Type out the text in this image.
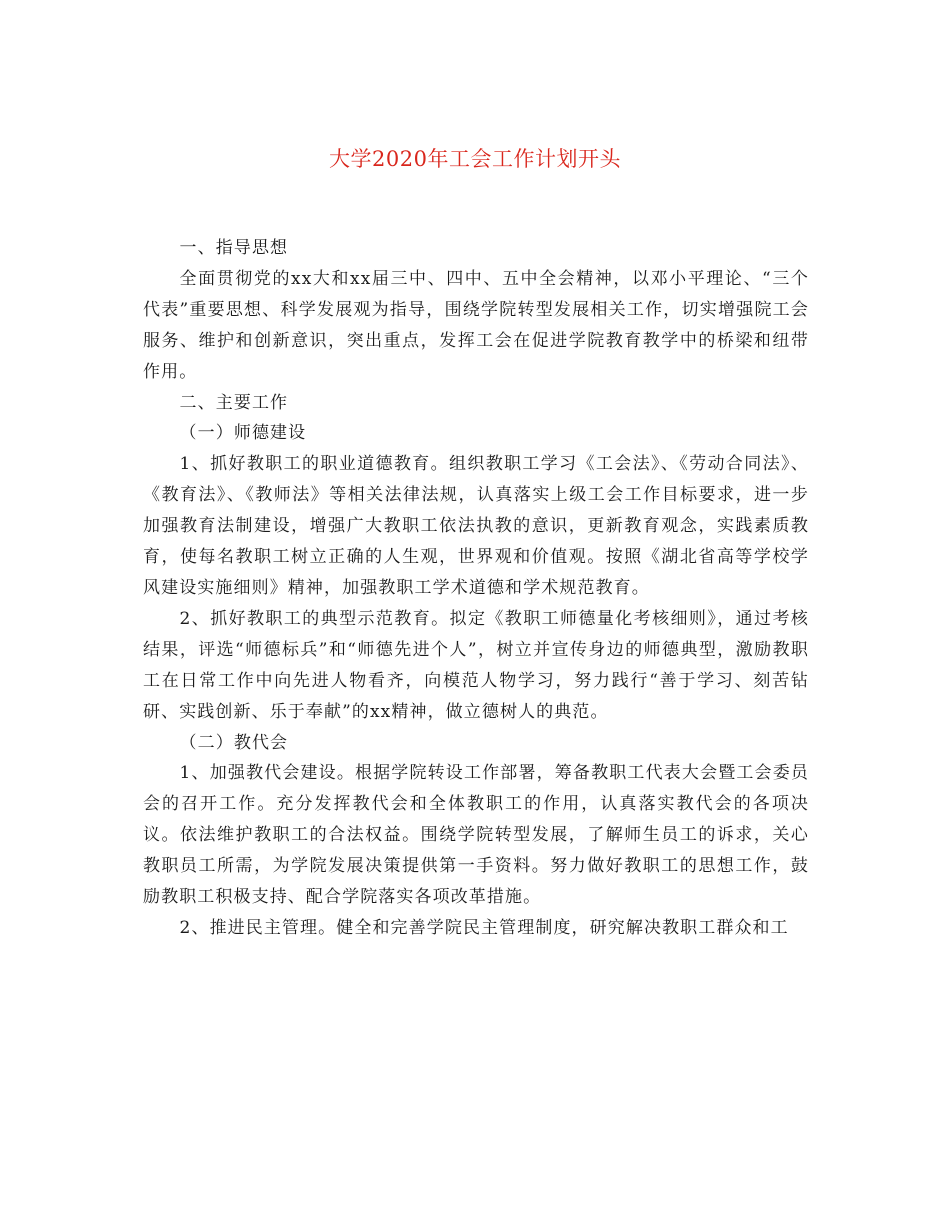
大学2020年工会工作计划开头

一、指导思想

全面贯彻党的xx大和xx届三中、四中、五中全会精神，以邓小平理论、“三个代表”重要思想、科学发展观为指导，围绕学院转型发展相关工作，切实增强院工会服务、维护和创新意识，突出重点，发挥工会在促进学院教育教学中的桥梁和纽带作用。

二、主要工作

（一）师德建设

1、抓好教职工的职业道德教育。组织教职工学习《工会法》、《劳动合同法》、《教育法》、《教师法》等相关法律法规，认真落实上级工会工作目标要求，进一步加强教育法制建设，增强广大教职工依法执教的意识，更新教育观念，实践素质教育，使每名教职工树立正确的人生观，世界观和价值观。按照《湖北省高等学校学风建设实施细则》精神，加强教职工学术道德和学术规范教育。

2、抓好教职工的典型示范教育。拟定《教职工师德量化考核细则》，通过考核结果，评选“师德标兵”和“师德先进个人”，树立并宣传身边的师德典型，激励教职工在日常工作中向先进人物看齐，向模范人物学习，努力践行“善于学习、刻苦钻研、实践创新、乐于奉献”的xx精神，做立德树人的典范。

（二）教代会

1、加强教代会建设。根据学院转设工作部署，筹备教职工代表大会暨工会委员会的召开工作。充分发挥教代会和全体教职工的作用，认真落实教代会的各项决议。依法维护教职工的合法权益。围绕学院转型发展，了解师生员工的诉求，关心教职员工所需，为学院发展决策提供第一手资料。努力做好教职工的思想工作，鼓励教职工积极支持、配合学院落实各项改革措施。

2、推进民主管理。健全和完善学院民主管理制度，研究解决教职工群众和工
